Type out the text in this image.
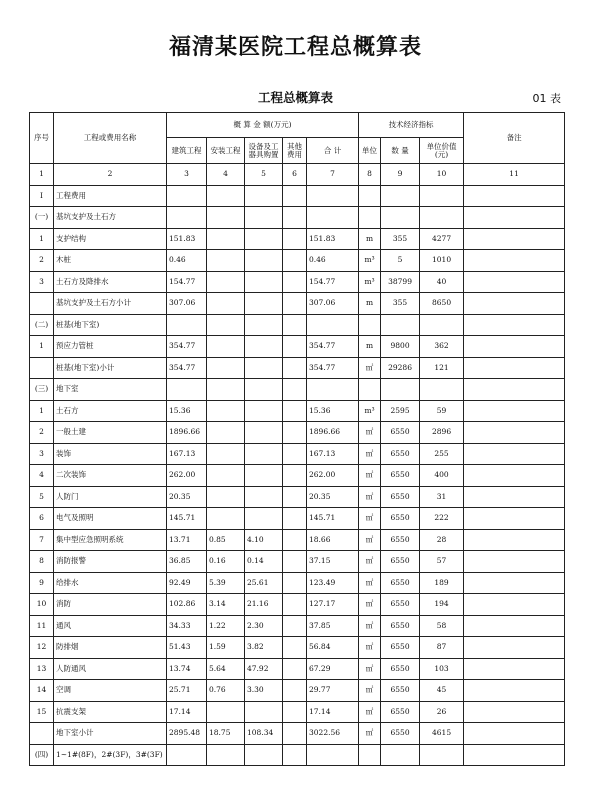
福清某医院工程总概算表
工程总概算表	01 表
序号	工程或费用名称	概 算 金 额(万元)					技术经济指标			备注
		建筑工程	安装工程	设备及工器具购置	其他费用	合 计	单位	数 量	单位价值(元)	
1	2	3	4	5	6	7	8	9	10	11
Ⅰ	工程费用									
(一)	基坑支护及土石方									
1	支护结构	151.83				151.83	m	355	4277	
2	木桩	0.46				0.46	m³	5	1010	
3	土石方及降排水	154.77				154.77	m³	38799	40	
	基坑支护及土石方小计	307.06				307.06	m	355	8650	
(二)	桩基(地下室)									
1	预应力管桩	354.77				354.77	m	9800	362	
	桩基(地下室)小计	354.77				354.77	㎡	29286	121	
(三)	地下室									
1	土石方	15.36				15.36	m³	2595	59	
2	一般土建	1896.66				1896.66	㎡	6550	2896	
3	装饰	167.13				167.13	㎡	6550	255	
4	二次装饰	262.00				262.00	㎡	6550	400	
5	人防门	20.35				20.35	㎡	6550	31	
6	电气及照明	145.71				145.71	㎡	6550	222	
7	集中型应急照明系统	13.71	0.85	4.10		18.66	㎡	6550	28	
8	消防报警	36.85	0.16	0.14		37.15	㎡	6550	57	
9	给排水	92.49	5.39	25.61		123.49	㎡	6550	189	
10	消防	102.86	3.14	21.16		127.17	㎡	6550	194	
11	通风	34.33	1.22	2.30		37.85	㎡	6550	58	
12	防排烟	51.43	1.59	3.82		56.84	㎡	6550	87	
13	人防通风	13.74	5.64	47.92		67.29	㎡	6550	103	
14	空调	25.71	0.76	3.30		29.77	㎡	6550	45	
15	抗震支架	17.14				17.14	㎡	6550	26	
	地下室小计	2895.48	18.75	108.34		3022.56	㎡	6550	4615	
(四)	1~1#(8F)，2#(3F)，3#(3F)									
